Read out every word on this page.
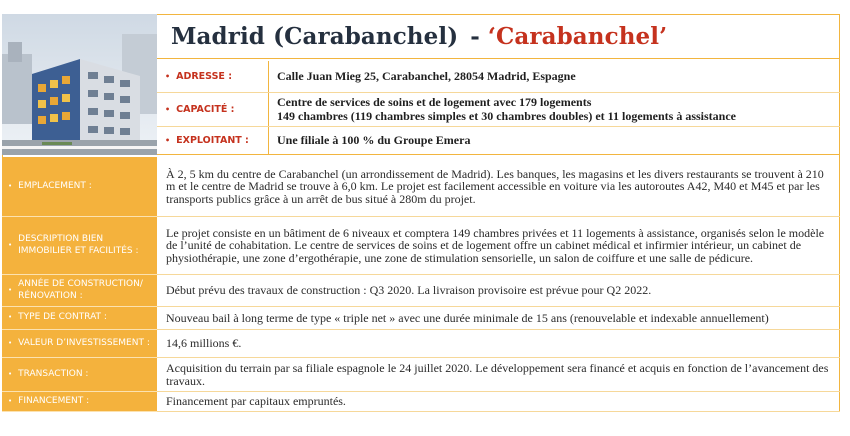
Madrid (Carabanchel) - ‘Carabanchel’
• ADRESSE :	Calle Juan Mieg 25, Carabanchel, 28054 Madrid, Espagne
• CAPACITÉ :
Centre de services de soins et de logement avec 179 logements
149 chambres (119 chambres simples et 30 chambres doubles) et 11 logements à assistance
• EXPLOITANT :	Une filiale à 100 % du Groupe Emera
• EMPLACEMENT :
À 2, 5 km du centre de Carabanchel (un arrondissement de Madrid). Les banques, les magasins et les divers restaurants se trouvent à 210 m et le centre de Madrid se trouve à 6,0 km. Le projet est facilement accessible en voiture via les autoroutes A42, M40 et M45 et par les transports publics grâce à un arrêt de bus situé à 280m du projet.
•
DESCRIPTION BIEN IMMOBILIER ET FACILITÉS :
Le projet consiste en un bâtiment de 6 niveaux et comptera 149 chambres privées et 11 logements à assistance, organisés selon le modèle de l’unité de cohabitation. Le centre de services de soins et de logement offre un cabinet médical et infirmier intérieur, un cabinet de physiothérapie, une zone d’ergothérapie, une zone de stimulation sensorielle, un salon de coiffure et une salle de pédicure.
•
ANNÉE DE CONSTRUCTION/ RÉNOVATION :	Début prévu des travaux de construction : Q3 2020. La livraison provisoire est prévue pour Q2 2022.
• TYPE DE CONTRAT :	Nouveau bail à long terme de type « triple net » avec une durée minimale de 15 ans (renouvelable et indexable annuellement)
• VALEUR D’INVESTISSEMENT :	14,6 millions €.
• TRANSACTION :	Acquisition du terrain par sa filiale espagnole le 24 juillet 2020. Le développement sera financé et acquis en fonction de l’avancement des travaux.
• FINANCEMENT :	Financement par capitaux empruntés.
